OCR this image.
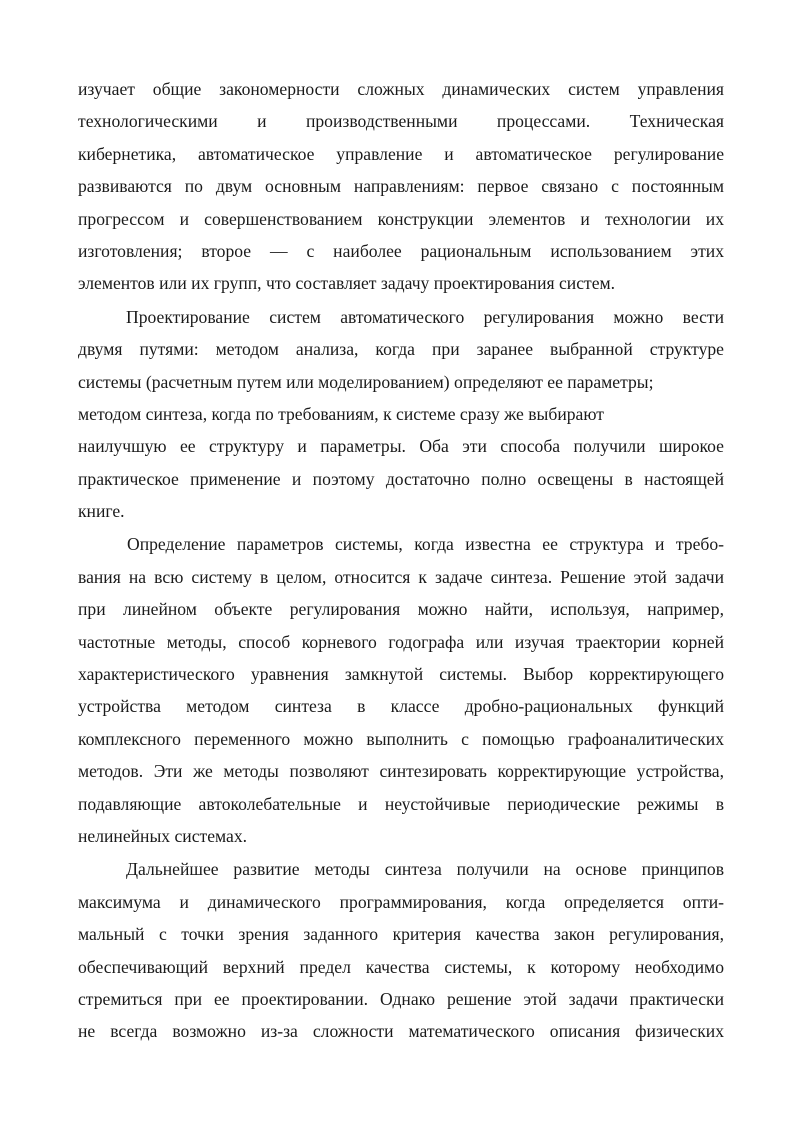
изучает общие закономерности сложных динамических систем управления
технологическими и производственными процессами. Техническая
кибернетика, автоматическое управление и автоматическое регулирование
развиваются по двум основным направлениям: первое связано с постоянным
прогрессом и совершенствованием конструкции элементов и технологии их
изготовления; второе — с наиболее рациональным использованием этих
элементов или их групп, что составляет задачу проектирования систем.
Проектирование систем автоматического регулирования можно вести
двумя путями: методом анализа, когда при заранее выбранной структуре
системы (расчетным путем или моделированием) определяют ее параметры;
методом синтеза, когда по требованиям, к системе сразу же выбирают
наилучшую ее структуру и параметры. Оба эти способа получили широкое
практическое применение и поэтому достаточно полно освещены в настоящей
книге.
Определение параметров системы, когда известна ее структура и требо-
вания на всю систему в целом, относится к задаче синтеза. Решение этой задачи
при линейном объекте регулирования можно найти, используя, например,
частотные методы, способ корневого годографа или изучая траектории корней
характеристического уравнения замкнутой системы. Выбор корректирующего
устройства методом синтеза в классе дробно-рациональных функций
комплексного переменного можно выполнить с помощью графоаналитических
методов. Эти же методы позволяют синтезировать корректирующие устройства,
подавляющие автоколебательные и неустойчивые периодические режимы в
нелинейных системах.
Дальнейшее развитие методы синтеза получили на основе принципов
максимума и динамического программирования, когда определяется опти-
мальный с точки зрения заданного критерия качества закон регулирования,
обеспечивающий верхний предел качества системы, к которому необходимо
стремиться при ее проектировании. Однако решение этой задачи практически
не всегда возможно из-за сложности математического описания физических
